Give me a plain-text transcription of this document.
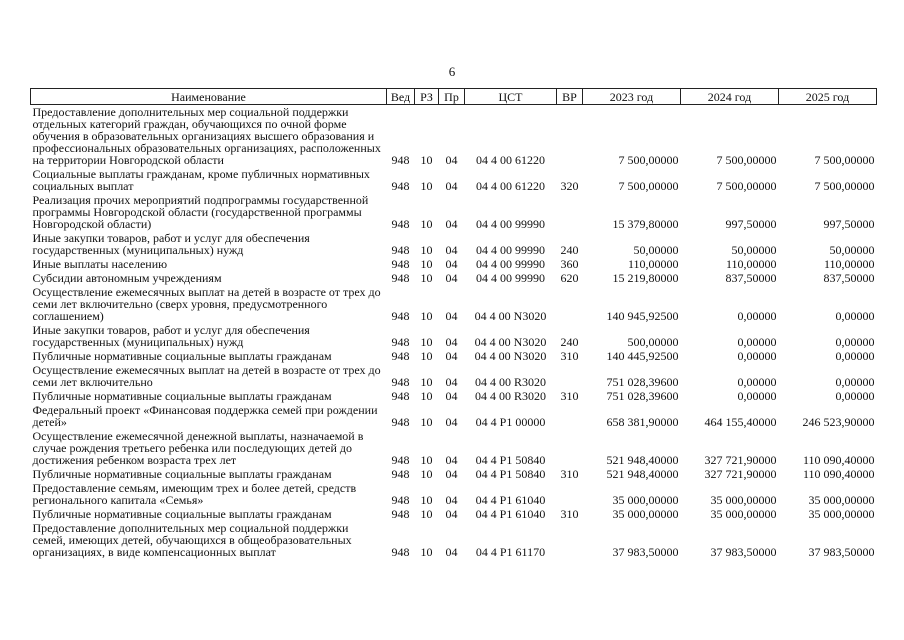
6
Наименование	Вед	РЗ	Пр	ЦСТ	ВР	2023 год	2024 год	2025 год
Предоставление дополнительных мер социальной поддержки отдельных категорий граждан, обучающихся по очной форме обучения в образовательных организациях высшего образования и профессиональных образовательных организациях, расположенных на территории Новгородской области	948	10	04	04 4 00 61220		7 500,00000	7 500,00000	7 500,00000
Социальные выплаты гражданам, кроме публичных нормативных социальных выплат	948	10	04	04 4 00 61220	320	7 500,00000	7 500,00000	7 500,00000
Реализация прочих мероприятий подпрограммы государственной программы Новгородской области (государственной программы Новгородской области)	948	10	04	04 4 00 99990		15 379,80000	997,50000	997,50000
Иные закупки товаров, работ и услуг для обеспечения государственных (муниципальных) нужд	948	10	04	04 4 00 99990	240	50,00000	50,00000	50,00000
Иные выплаты населению	948	10	04	04 4 00 99990	360	110,00000	110,00000	110,00000
Субсидии автономным учреждениям	948	10	04	04 4 00 99990	620	15 219,80000	837,50000	837,50000
Осуществление ежемесячных выплат на детей в возрасте от трех до семи лет включительно (сверх уровня, предусмотренного соглашением)	948	10	04	04 4 00 N3020		140 945,92500	0,00000	0,00000
Иные закупки товаров, работ и услуг для обеспечения государственных (муниципальных) нужд	948	10	04	04 4 00 N3020	240	500,00000	0,00000	0,00000
Публичные нормативные социальные выплаты гражданам	948	10	04	04 4 00 N3020	310	140 445,92500	0,00000	0,00000
Осуществление ежемесячных выплат на детей в возрасте от трех до семи лет включительно	948	10	04	04 4 00 R3020		751 028,39600	0,00000	0,00000
Публичные нормативные социальные выплаты гражданам	948	10	04	04 4 00 R3020	310	751 028,39600	0,00000	0,00000
Федеральный проект «Финансовая поддержка семей при рождении детей»	948	10	04	04 4 P1 00000		658 381,90000	464 155,40000	246 523,90000
Осуществление ежемесячной денежной выплаты, назначаемой в случае рождения третьего ребенка или последующих детей до достижения ребенком возраста трех лет	948	10	04	04 4 P1 50840		521 948,40000	327 721,90000	110 090,40000
Публичные нормативные социальные выплаты гражданам	948	10	04	04 4 P1 50840	310	521 948,40000	327 721,90000	110 090,40000
Предоставление семьям, имеющим трех и более детей, средств регионального капитала «Семья»	948	10	04	04 4 P1 61040		35 000,00000	35 000,00000	35 000,00000
Публичные нормативные социальные выплаты гражданам	948	10	04	04 4 P1 61040	310	35 000,00000	35 000,00000	35 000,00000
Предоставление дополнительных мер социальной поддержки семей, имеющих детей, обучающихся в общеобразовательных организациях, в виде компенсационных выплат	948	10	04	04 4 P1 61170		37 983,50000	37 983,50000	37 983,50000
